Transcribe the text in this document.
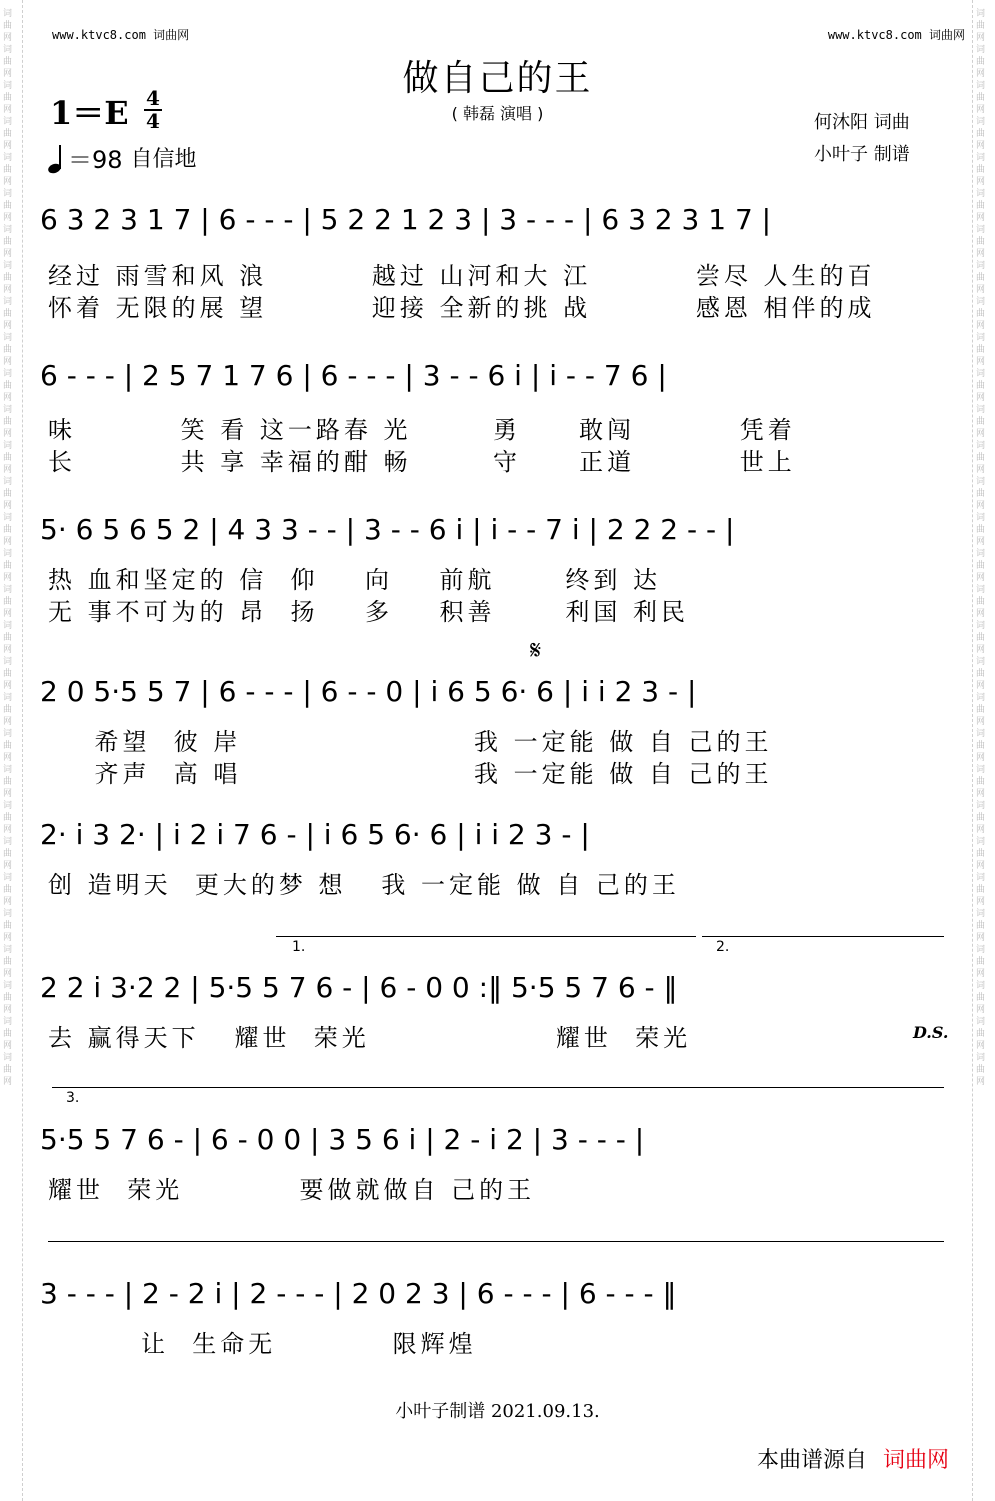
词曲网词曲网词曲网词曲网词曲网词曲网词曲网词曲网词曲网词曲网词曲网词曲网词曲网词曲网词曲网词曲网词曲网词曲网词曲网词曲网词曲网词曲网词曲网词曲网词曲网词曲网词曲网词曲网词曲网词曲网
词曲网词曲网词曲网词曲网词曲网词曲网词曲网词曲网词曲网词曲网词曲网词曲网词曲网词曲网词曲网词曲网词曲网词曲网词曲网词曲网词曲网词曲网词曲网词曲网词曲网词曲网词曲网词曲网词曲网词曲网
www.ktvc8.com 词曲网	www.ktvc8.com 词曲网
做自己的王
( 韩磊 演唱 )
1＝E 4
4
＝98 自信地
何沐阳 词曲
小叶子 制谱
6 3 2 3 1 7 | 6 - - - | 5 2 2 1 2 3 | 3 - - - | 6 3 2 3 1 7 |
经过 雨雪和风 浪         越过 山河和大 江         尝尽 人生的百
怀着 无限的展 望         迎接 全新的挑 战         感恩 相伴的成
6 - - - | 2 5 7 1 7 6 | 6 - - - | 3 - - 6 i | i - - 7 6 |
味         笑 看 这一路春 光       勇     敢闯         凭着
长         共 享 幸福的酣 畅       守     正道         世上
5· 6 5 6 5 2 | 4 3 3 - - | 3 - - 6 i | i - - 7 i | 2 2 2 - - |
热 血和坚定的 信  仰    向    前航      终到 达
无 事不可为的 昂  扬    多    积善      利国 利民
𝄋
2 0 5·5 5 7 | 6 - - - | 6 - - 0 | i 6 5 6· 6 | i i 2 3 - |
希望  彼 岸                    我 一定能 做 自 己的王
齐声  高 唱                    我 一定能 做 自 己的王
2· i 3 2· | i 2 i 7 6 - | i 6 5 6· 6 | i i 2 3 - |
创 造明天  更大的梦 想   我 一定能 做 自 己的王
1.	2.
2 2 i 3·2 2 | 5·5 5 7 6 - | 6 - 0 0 :‖ 5·5 5 7 6 - ‖
去 赢得天下   耀世  荣光                耀世  荣光	D.S.
3.
5·5 5 7 6 - | 6 - 0 0 | 3 5 6 i | 2 - i 2 | 3 - - - |
耀世  荣光          要做就做自 己的王
3 - - - | 2 - 2 i | 2 - - - | 2 0 2 3 | 6 - - - | 6 - - - ‖
让  生命无          限辉煌
小叶子制谱 2021.09.13.
本曲谱源自 词曲网
